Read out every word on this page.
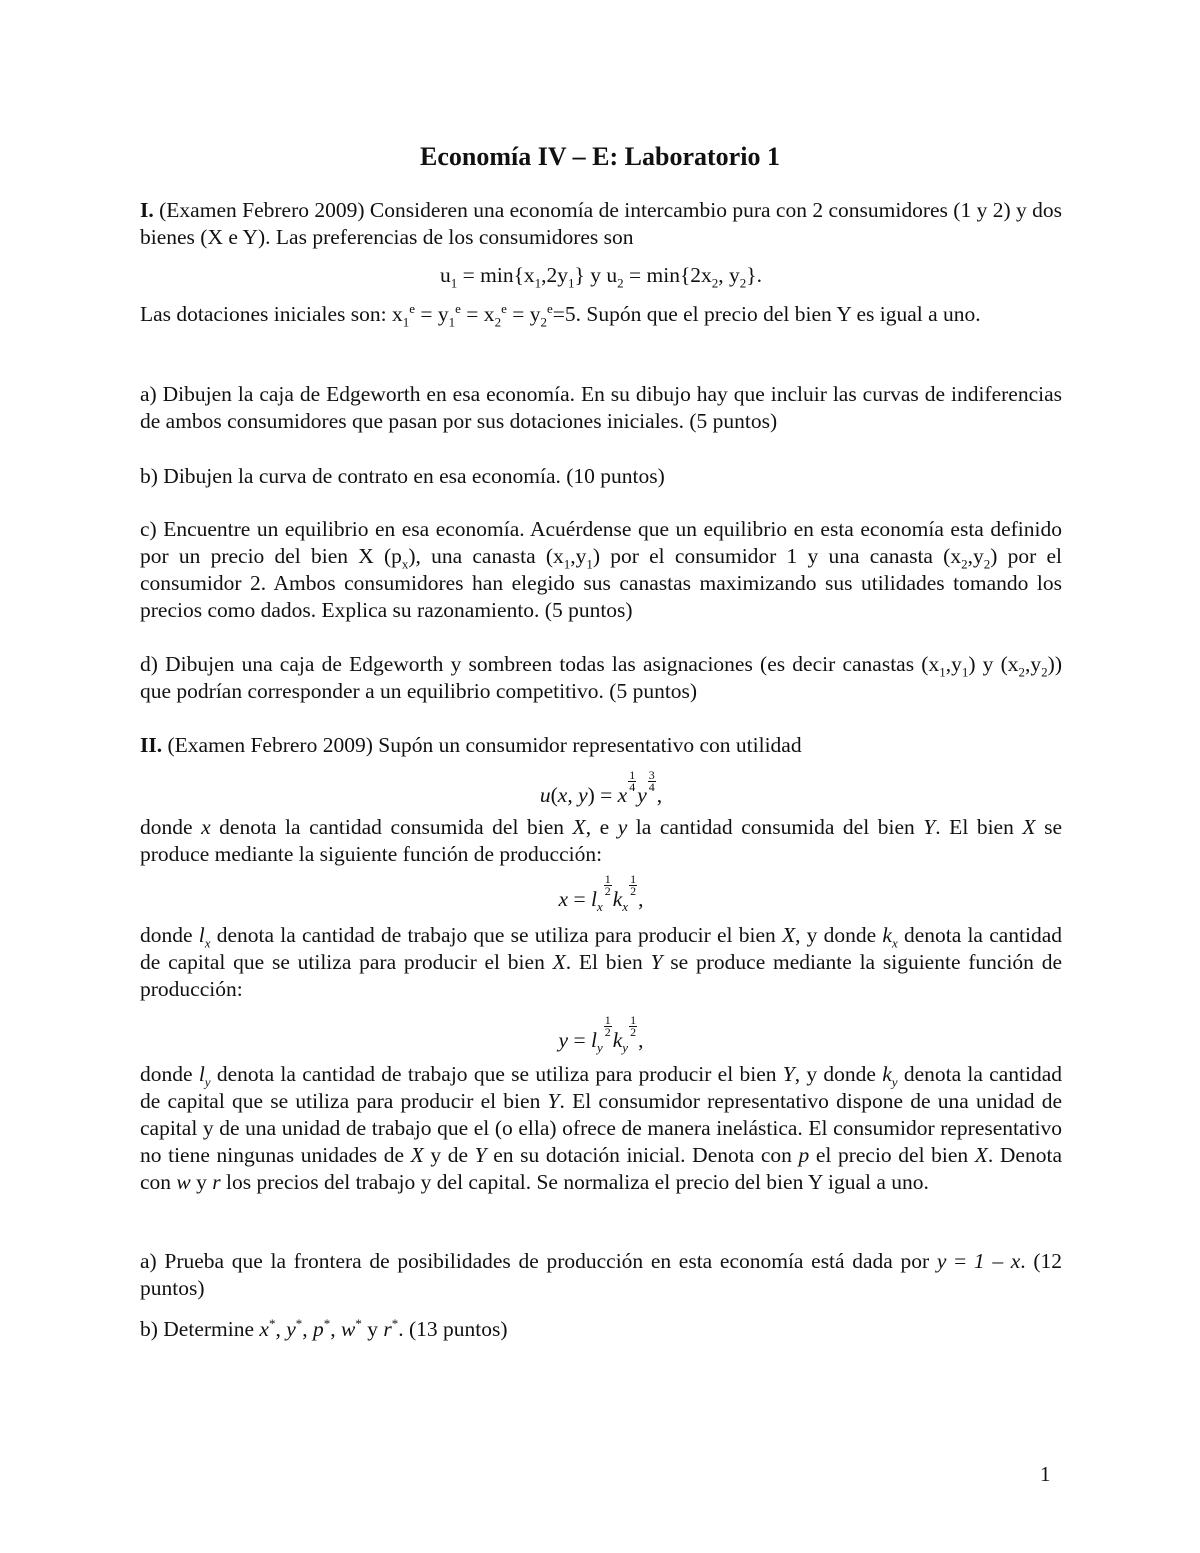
Economía IV – E: Laboratorio 1

I. (Examen Febrero 2009) Consideren una economía de intercambio pura con 2 consumidores (1 y 2) y dos bienes (X e Y). Las preferencias de los consumidores son

$u_1 = \min\{x_1,2y_1\}$ y $u_2 = \min\{2x_2$, $y_2$}.

Las dotaciones iniciales son: $x_1^e = y_1^e = x_2^e = y_2^e=5$. Supón que el precio del bien Y es igual a uno.

a) Dibujen la caja de Edgeworth en esa economía. En su dibujo hay que incluir las curvas de indiferencias de ambos consumidores que pasan por sus dotaciones iniciales. (5 puntos)

b) Dibujen la curva de contrato en esa economía. (10 puntos)

c) Encuentre un equilibrio en esa economía. Acuérdense que un equilibrio en esta economía esta definido por un precio del bien X $(p_x)$, una canasta $(x_1,y_1)$ por el consumidor 1 y una canasta $(x_2,y_2)$ por el consumidor 2. Ambos consumidores han elegido sus canastas maximizando sus utilidades tomando los precios como dados. Explica su razonamiento. (5 puntos)

d) Dibujen una caja de Edgeworth y sombreen todas las asignaciones (es decir canastas $(x_1,y_1)$ y $(x_2,y_2)$) que podrían corresponder a un equilibrio competitivo. (5 puntos)

II. (Examen Febrero 2009) Supón un consumidor representativo con utilidad

u(x, y) = x
$\frac{1}{4}$
y
$\frac{3}{4}$
,

donde x denota la cantidad consumida del bien X, e y la cantidad consumida del bien Y. El bien X se produce mediante la siguiente función de producción:

$x = l_x$
$\frac{1}{2}$
$k_x$
$\frac{1}{2}$
,

donde $l_x$ denota la cantidad de trabajo que se utiliza para producir el bien X, y donde $k_x$ denota la cantidad de capital que se utiliza para producir el bien X. El bien Y se produce mediante la siguiente función de producción:

$y = l_y$
$\frac{1}{2}$
$k_y$
$\frac{1}{2}$
,

donde $l_y$ denota la cantidad de trabajo que se utiliza para producir el bien Y, y donde $k_y$ denota la cantidad de capital que se utiliza para producir el bien Y. El consumidor representativo dispone de una unidad de capital y de una unidad de trabajo que el (o ella) ofrece de manera inelástica. El consumidor representativo no tiene ningunas unidades de X y de Y en su dotación inicial. Denota con p el precio del bien X. Denota con w y r los precios del trabajo y del capital. Se normaliza el precio del bien Y igual a uno.

a) Prueba que la frontera de posibilidades de producción en esta economía está dada por y = 1 – x. (12 puntos)

b) Determine x*, y*, p*, w* y r*. (13 puntos)

1
